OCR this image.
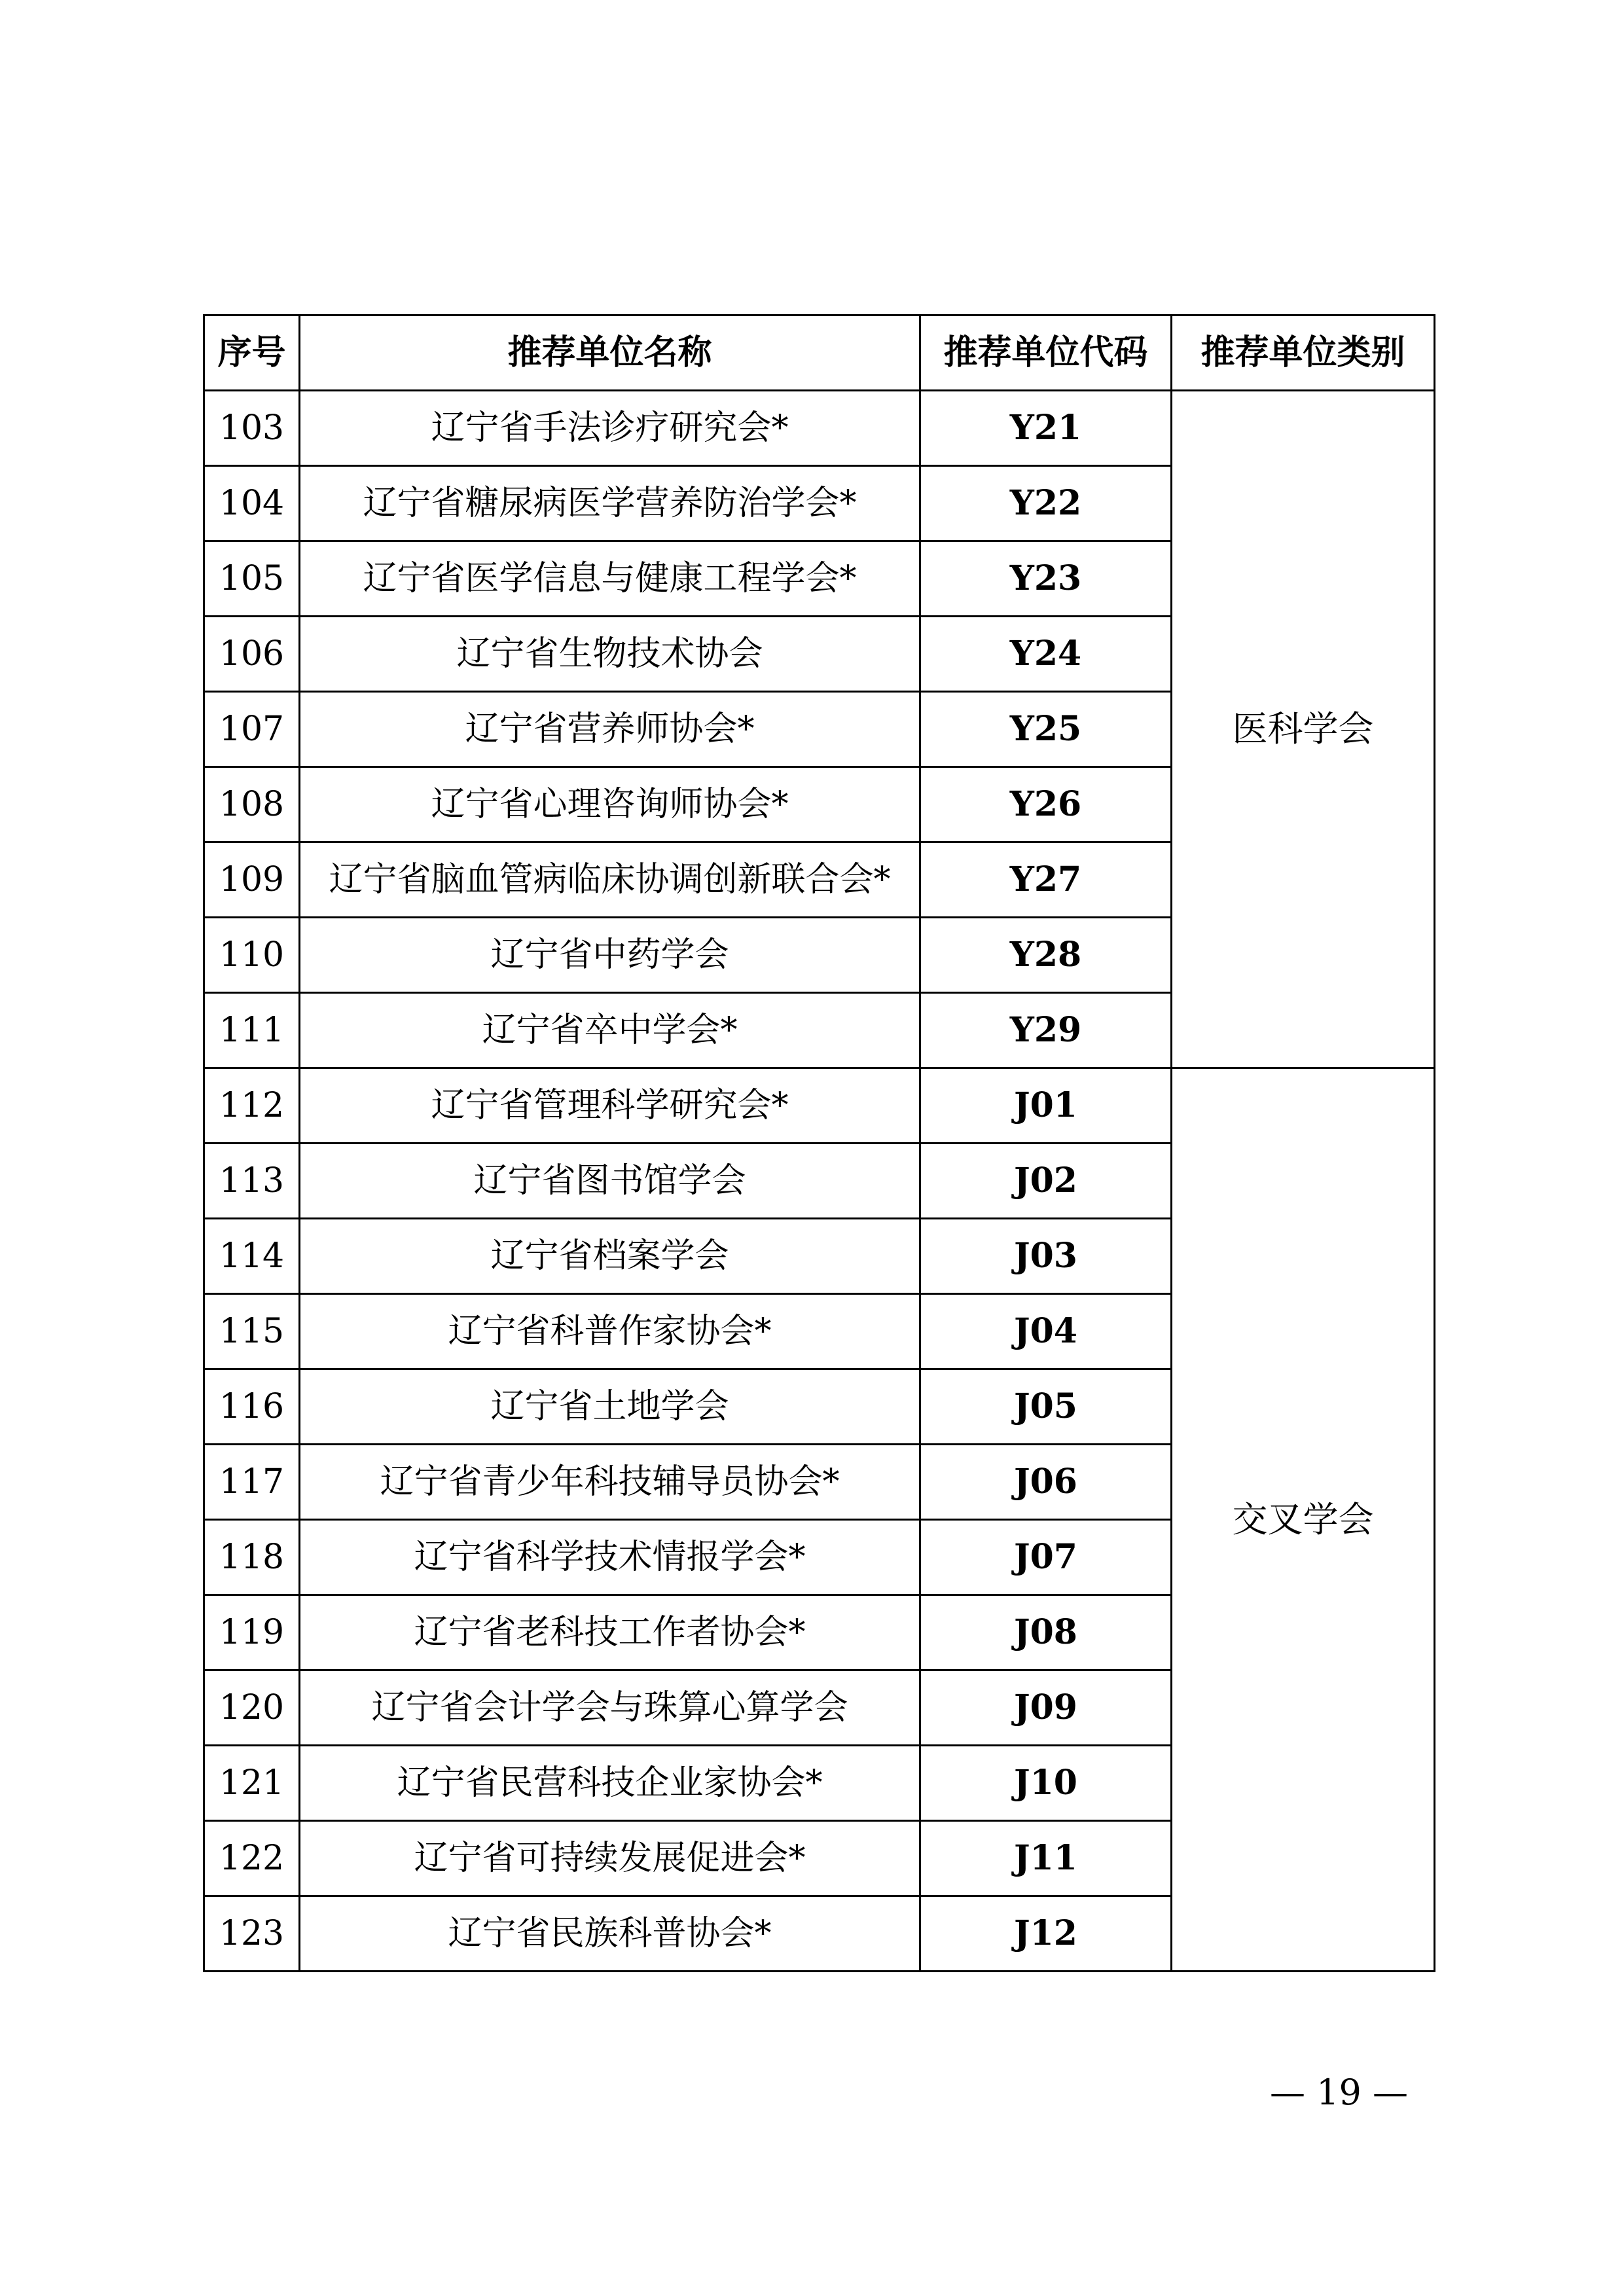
序号	推荐单位名称	推荐单位代码	推荐单位类别
103	辽宁省手法诊疗研究会*	Y21	医科学会
104	辽宁省糖尿病医学营养防治学会*	Y22	
105	辽宁省医学信息与健康工程学会*	Y23	
106	辽宁省生物技术协会	Y24	
107	辽宁省营养师协会*	Y25	
108	辽宁省心理咨询师协会*	Y26	
109	辽宁省脑血管病临床协调创新联合会*	Y27	
110	辽宁省中药学会	Y28	
111	辽宁省卒中学会*	Y29	
112	辽宁省管理科学研究会*	J01	交叉学会
113	辽宁省图书馆学会	J02	
114	辽宁省档案学会	J03	
115	辽宁省科普作家协会*	J04	
116	辽宁省土地学会	J05	
117	辽宁省青少年科技辅导员协会*	J06	
118	辽宁省科学技术情报学会*	J07	
119	辽宁省老科技工作者协会*	J08	
120	辽宁省会计学会与珠算心算学会	J09	
121	辽宁省民营科技企业家协会*	J10	
122	辽宁省可持续发展促进会*	J11	
123	辽宁省民族科普协会*	J12	
— 19 —
